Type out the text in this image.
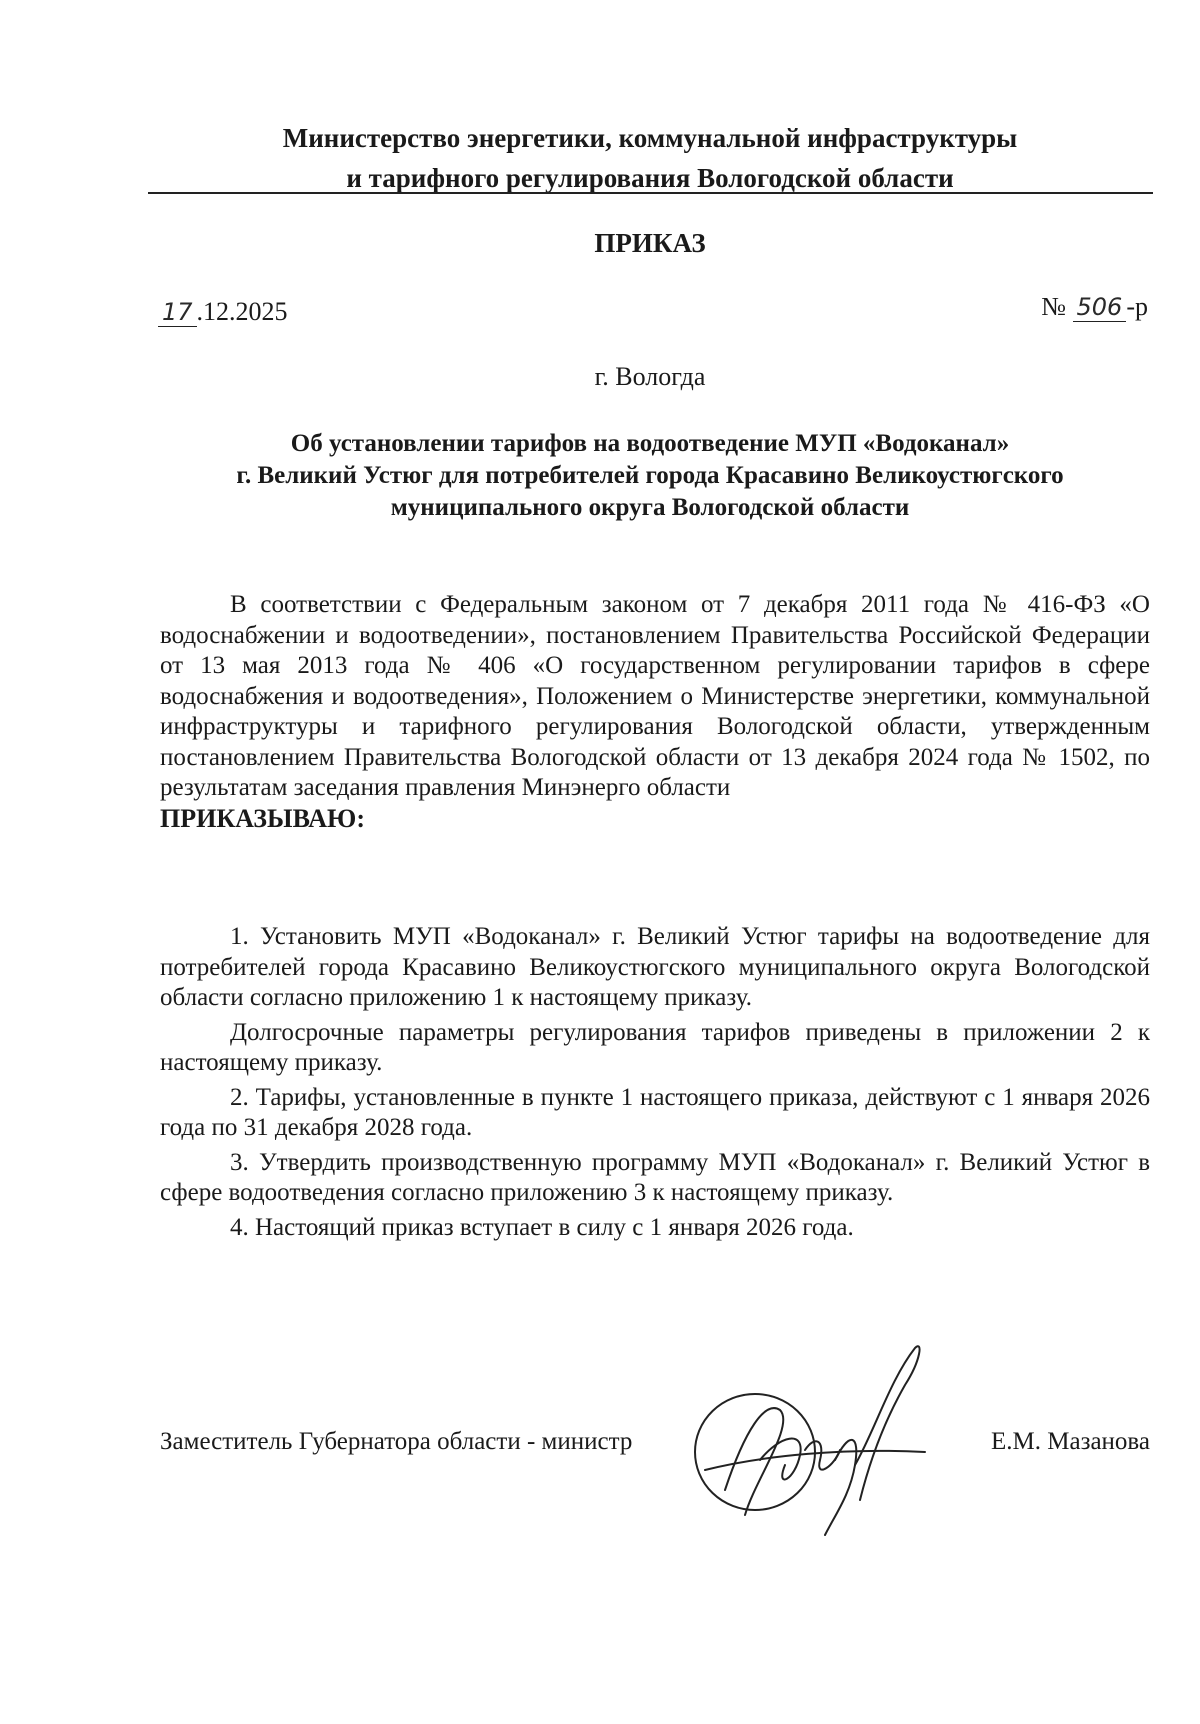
Министерство энергетики, коммунальной инфраструктуры
и тарифного регулирования Вологодской области
ПРИКАЗ
17 .12.2025	№ 506 -р
г. Вологда
Об установлении тарифов на водоотведение МУП «Водоканал»
г. Великий Устюг для потребителей города Красавино Великоустюгского
муниципального округа Вологодской области

В соответствии с Федеральным законом от 7 декабря 2011 года № 416-ФЗ «О водоснабжении и водоотведении», постановлением Правительства Российской Федерации от 13 мая 2013 года № 406 «О государственном регулировании тарифов в сфере водоснабжения и водоотведения», Положением о Министерстве энергетики, коммунальной инфраструктуры и тарифного регулирования Вологодской области, утвержденным постановлением Правительства Вологодской области от 13 декабря 2024 года № 1502, по результатам заседания правления Минэнерго области

ПРИКАЗЫВАЮ:

1. Установить МУП «Водоканал» г. Великий Устюг тарифы на водоотведение для потребителей города Красавино Великоустюгского муниципального округа Вологодской области согласно приложению 1 к настоящему приказу.

Долгосрочные параметры регулирования тарифов приведены в приложении 2 к настоящему приказу.

2. Тарифы, установленные в пункте 1 настоящего приказа, действуют с 1 января 2026 года по 31 декабря 2028 года.

3. Утвердить производственную программу МУП «Водоканал» г. Великий Устюг в сфере водоотведения согласно приложению 3 к настоящему приказу.

4. Настоящий приказ вступает в силу с 1 января 2026 года.

Заместитель Губернатора области - министр	Е.М. Мазанова
